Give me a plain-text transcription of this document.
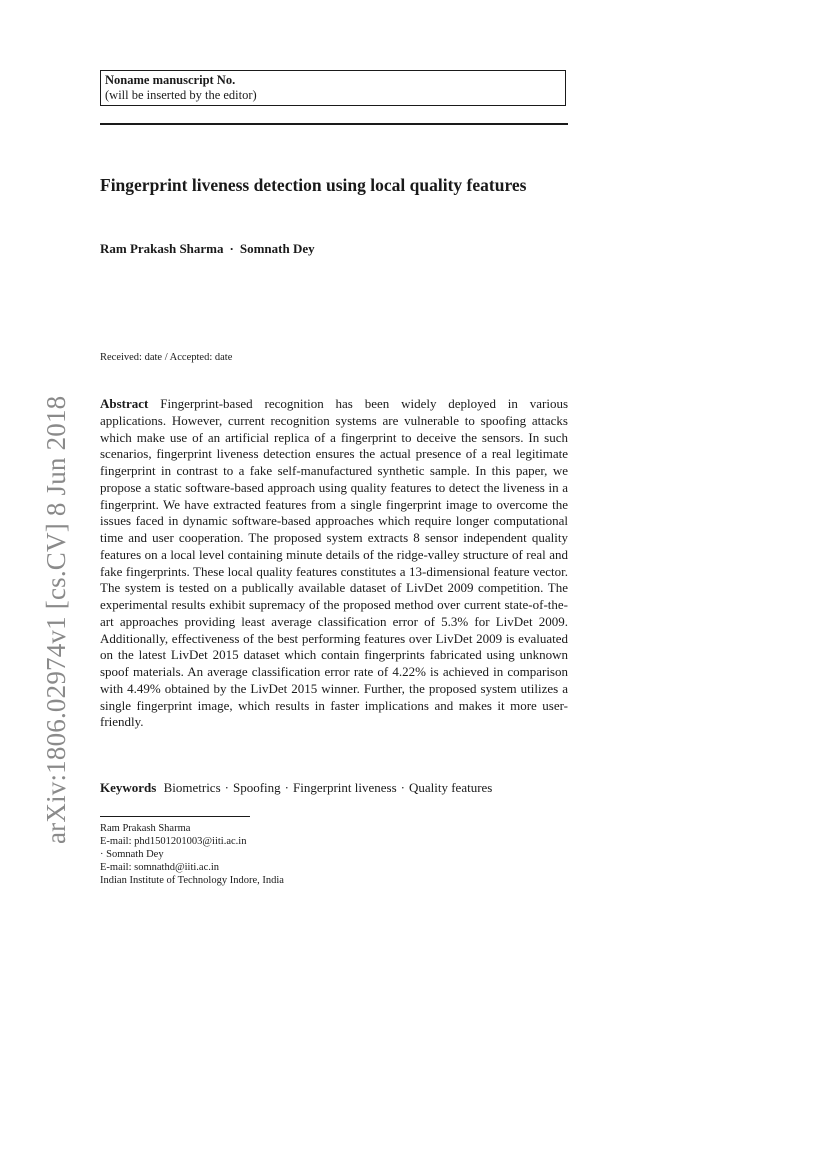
arXiv:1806.02974v1 [cs.CV] 8 Jun 2018
Noname manuscript No.
(will be inserted by the editor)
Fingerprint liveness detection using local quality features
Ram Prakash Sharma · Somnath Dey
Received: date / Accepted: date

Abstract Fingerprint-based recognition has been widely deployed in various applications. However, current recognition systems are vulnerable to spoofing attacks which make use of an artificial replica of a fingerprint to deceive the sensors. In such scenarios, fingerprint liveness detection ensures the actual presence of a real legitimate fingerprint in contrast to a fake self-manufactured synthetic sample. In this paper, we propose a static software-based approach using quality features to detect the liveness in a fingerprint. We have extracted features from a single fingerprint image to overcome the issues faced in dynamic software-based approaches which require longer computational time and user cooperation. The proposed system extracts 8 sensor independent quality features on a local level containing minute details of the ridge-valley structure of real and fake fingerprints. These local quality features constitutes a 13-dimensional feature vector. The system is tested on a publically available dataset of LivDet 2009 competition. The experimental results exhibit supremacy of the proposed method over current state-of-the-art approaches providing least average classification error of 5.3% for LivDet 2009. Additionally, effectiveness of the best performing features over LivDet 2009 is evaluated on the latest LivDet 2015 dataset which contain fingerprints fabricated using unknown spoof materials. An average classification error rate of 4.22% is achieved in comparison with 4.49% obtained by the LivDet 2015 winner. Further, the proposed system utilizes a single fingerprint image, which results in faster implications and makes it more user-friendly.

Keywords Biometrics · Spoofing · Fingerprint liveness · Quality features
Ram Prakash Sharma
E-mail: phd1501201003@iiti.ac.in
· Somnath Dey
E-mail: somnathd@iiti.ac.in
Indian Institute of Technology Indore, India
